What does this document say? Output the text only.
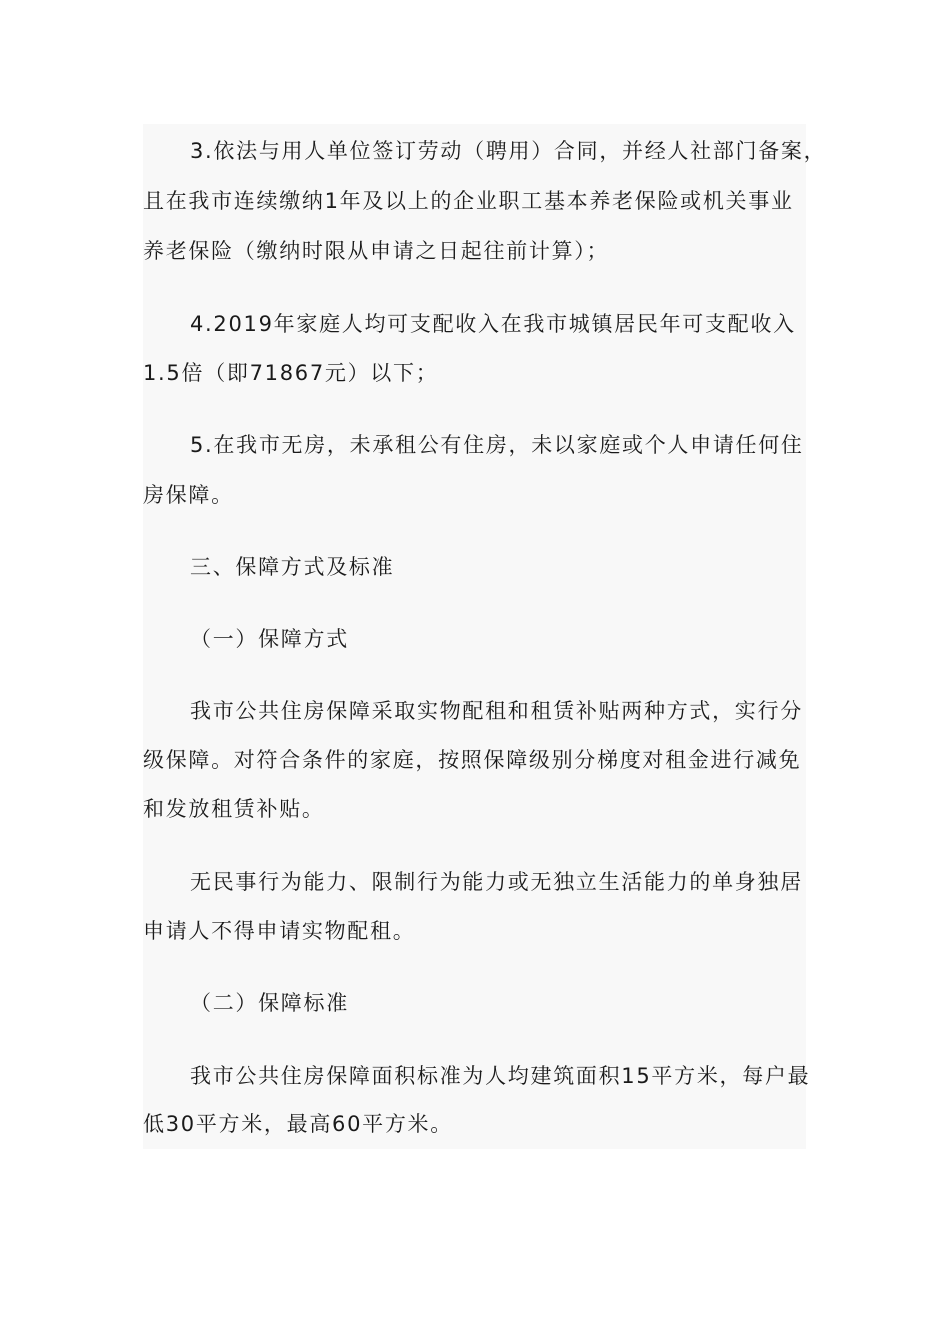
3.依法与用人单位签订劳动（聘用）合同，并经人社部门备案，

且在我市连续缴纳1年及以上的企业职工基本养老保险或机关事业

养老保险（缴纳时限从申请之日起往前计算）；

4.2019年家庭人均可支配收入在我市城镇居民年可支配收入

1.5倍（即71867元）以下；

5.在我市无房，未承租公有住房，未以家庭或个人申请任何住

房保障。

三、保障方式及标准

（一）保障方式

我市公共住房保障采取实物配租和租赁补贴两种方式，实行分

级保障。对符合条件的家庭，按照保障级别分梯度对租金进行减免

和发放租赁补贴。

无民事行为能力、限制行为能力或无独立生活能力的单身独居

申请人不得申请实物配租。

（二）保障标准

我市公共住房保障面积标准为人均建筑面积15平方米，每户最

低30平方米，最高60平方米。
